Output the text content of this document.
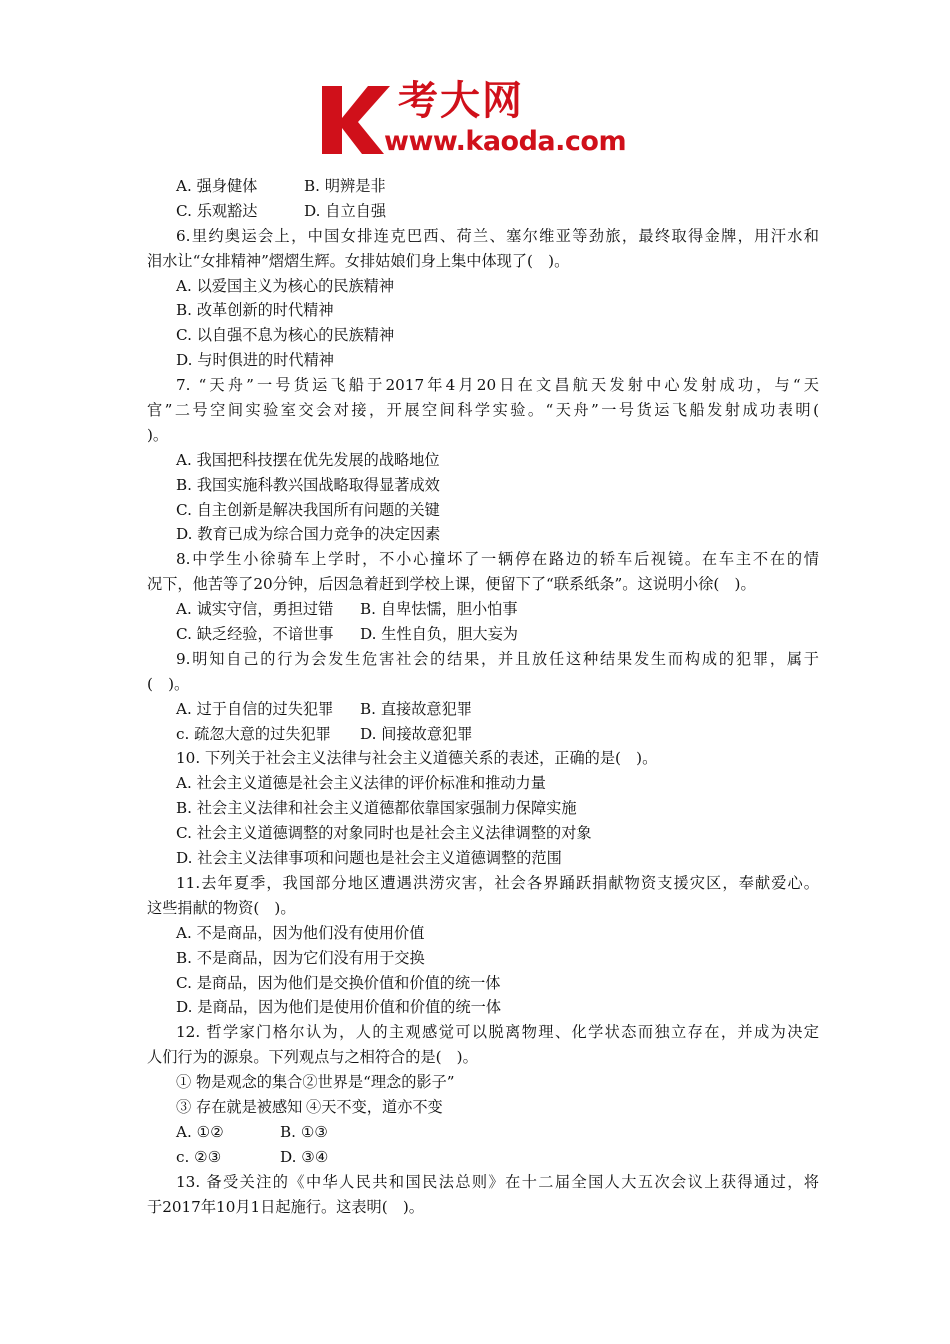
考大网
www.kaoda.com
A. 强身健体	B. 明辨是非
C. 乐观豁达	D. 自立自强
6.里约奥运会上，中国女排连克巴西、荷兰、塞尔维亚等劲旅，最终取得金牌，用汗水和
泪水让“女排精神”熠熠生辉。女排姑娘们身上集中体现了(　)。
A. 以爱国主义为核心的民族精神
B. 改革创新的时代精神
C. 以自强不息为核心的民族精神
D. 与时俱进的时代精神
7. “天舟”一号货运飞船于2017年4月20日在文昌航天发射中心发射成功，与“天
官”二号空间实验室交会对接，开展空间科学实验。“天舟”一号货运飞船发射成功表明(
)。
A. 我国把科技摆在优先发展的战略地位
B. 我国实施科教兴国战略取得显著成效
C. 自主创新是解决我国所有问题的关键
D. 教育已成为综合国力竞争的决定因素
8.中学生小徐骑车上学时，不小心撞坏了一辆停在路边的轿车后视镜。在车主不在的情
况下，他苦等了20分钟，后因急着赶到学校上课，便留下了“联系纸条”。这说明小徐(　)。
A. 诚实守信，勇担过错 B. 自卑怯懦，胆小怕事
C. 缺乏经验，不谙世事 D. 生性自负，胆大妄为
9.明知自己的行为会发生危害社会的结果，并且放任这种结果发生而构成的犯罪，属于
(　)。
A. 过于自信的过失犯罪 B. 直接故意犯罪
c. 疏忽大意的过失犯罪 D. 间接故意犯罪
10. 下列关于社会主义法律与社会主义道德关系的表述，正确的是(　)。
A. 社会主义道德是社会主义法律的评价标准和推动力量
B. 社会主义法律和社会主义道德都依靠国家强制力保障实施
C. 社会主义道德调整的对象同时也是社会主义法律调整的对象
D. 社会主义法律事项和问题也是社会主义道德调整的范围
11.去年夏季，我国部分地区遭遇洪涝灾害，社会各界踊跃捐献物资支援灾区，奉献爱心。
这些捐献的物资(　)。
A. 不是商品，因为他们没有使用价值
B. 不是商品，因为它们没有用于交换
C. 是商品，因为他们是交换价值和价值的统一体
D. 是商品，因为他们是使用价值和价值的统一体
12. 哲学家门格尔认为，人的主观感觉可以脱离物理、化学状态而独立存在，并成为决定
人们行为的源泉。下列观点与之相符合的是(　)。
① 物是观念的集合②世界是“理念的影子”
③ 存在就是被感知 ④天不变，道亦不变
A. ①②	B. ①③
c. ②③	D. ③④
13. 备受关注的《中华人民共和国民法总则》在十二届全国人大五次会议上获得通过，将
于2017年10月1日起施行。这表明(　)。
